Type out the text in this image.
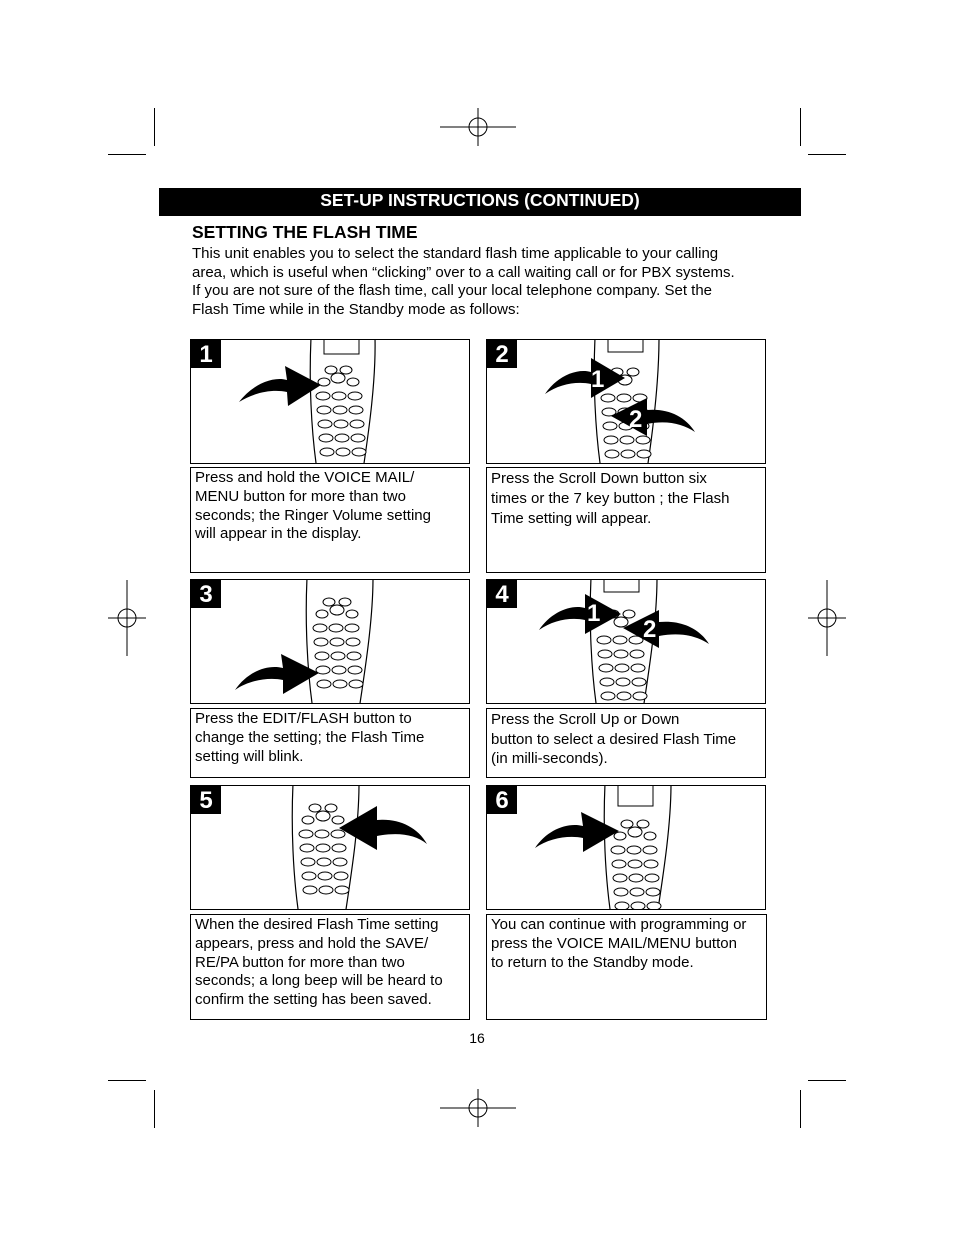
SET-UP INSTRUCTIONS (CONTINUED)
SETTING THE FLASH TIME
This unit enables you to select the standard flash time applicable to your calling
area, which is useful when “clicking” over to a call waiting call or for PBX systems.
If you are not sure of the flash time, call your local telephone company. Set the
Flash Time while in the Standby mode as follows:
1
Press and hold the VOICE MAIL/
MENU button for more than two
seconds; the Ringer Volume setting
will appear in the display.
1
2
2
Press the Scroll Down button six
times or the 7 key button ; the Flash
Time setting will appear.
3
Press the EDIT/FLASH button to
change the setting; the Flash Time
setting will blink.
1
2
4
Press the Scroll Up or Down
button to select a desired Flash Time
(in milli-seconds).
5
When the desired Flash Time setting
appears, press and hold the SAVE/
RE/PA button for more than two
seconds; a long beep will be heard to
confirm the setting has been saved.
6
You can continue with programming or
press the VOICE MAIL/MENU button
to return to the Standby mode.
16
